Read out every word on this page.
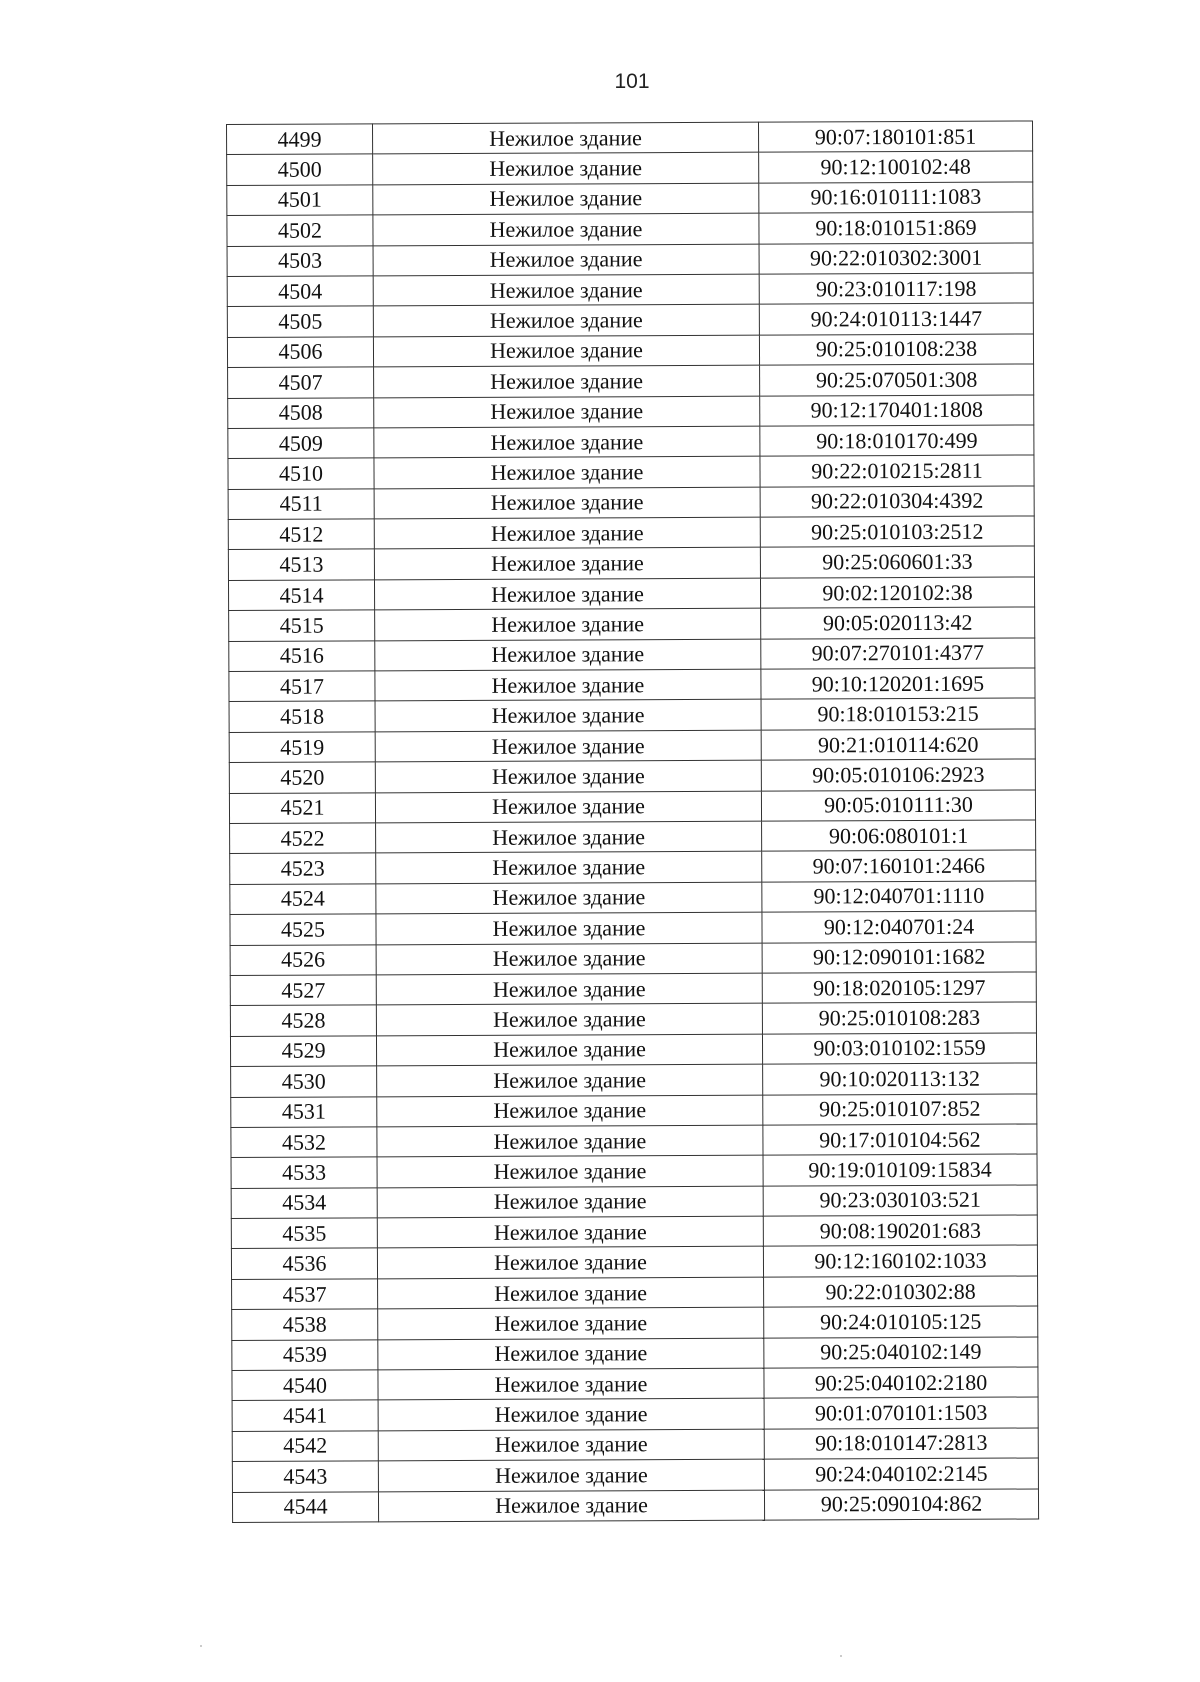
101
4499	Нежилое здание	90:07:180101:851
4500	Нежилое здание	90:12:100102:48
4501	Нежилое здание	90:16:010111:1083
4502	Нежилое здание	90:18:010151:869
4503	Нежилое здание	90:22:010302:3001
4504	Нежилое здание	90:23:010117:198
4505	Нежилое здание	90:24:010113:1447
4506	Нежилое здание	90:25:010108:238
4507	Нежилое здание	90:25:070501:308
4508	Нежилое здание	90:12:170401:1808
4509	Нежилое здание	90:18:010170:499
4510	Нежилое здание	90:22:010215:2811
4511	Нежилое здание	90:22:010304:4392
4512	Нежилое здание	90:25:010103:2512
4513	Нежилое здание	90:25:060601:33
4514	Нежилое здание	90:02:120102:38
4515	Нежилое здание	90:05:020113:42
4516	Нежилое здание	90:07:270101:4377
4517	Нежилое здание	90:10:120201:1695
4518	Нежилое здание	90:18:010153:215
4519	Нежилое здание	90:21:010114:620
4520	Нежилое здание	90:05:010106:2923
4521	Нежилое здание	90:05:010111:30
4522	Нежилое здание	90:06:080101:1
4523	Нежилое здание	90:07:160101:2466
4524	Нежилое здание	90:12:040701:1110
4525	Нежилое здание	90:12:040701:24
4526	Нежилое здание	90:12:090101:1682
4527	Нежилое здание	90:18:020105:1297
4528	Нежилое здание	90:25:010108:283
4529	Нежилое здание	90:03:010102:1559
4530	Нежилое здание	90:10:020113:132
4531	Нежилое здание	90:25:010107:852
4532	Нежилое здание	90:17:010104:562
4533	Нежилое здание	90:19:010109:15834
4534	Нежилое здание	90:23:030103:521
4535	Нежилое здание	90:08:190201:683
4536	Нежилое здание	90:12:160102:1033
4537	Нежилое здание	90:22:010302:88
4538	Нежилое здание	90:24:010105:125
4539	Нежилое здание	90:25:040102:149
4540	Нежилое здание	90:25:040102:2180
4541	Нежилое здание	90:01:070101:1503
4542	Нежилое здание	90:18:010147:2813
4543	Нежилое здание	90:24:040102:2145
4544	Нежилое здание	90:25:090104:862
